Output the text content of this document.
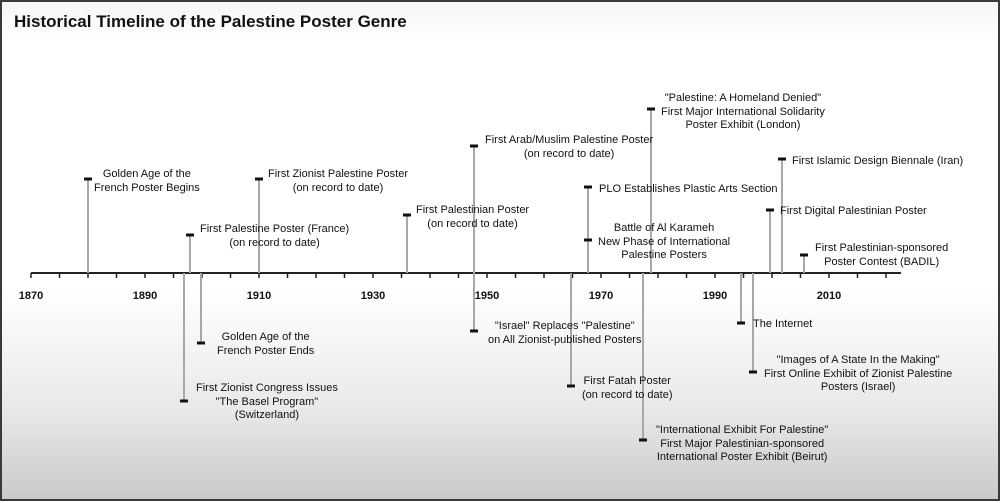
Historical Timeline of the Palestine Poster Genre
1870	1890	1910	1930	1950	1970	1990	2010
Golden Age of the
French Poster Begins
First Palestine Poster (France)
(on record to date)
First Zionist Palestine Poster
(on record to date)
First Palestinian Poster
(on record to date)
First Arab/Muslim Palestine Poster
(on record to date)
PLO Establishes Plastic Arts Section
Battle of Al Karameh
New Phase of International
Palestine Posters
"Palestine: A Homeland Denied"
First Major International Solidarity
Poster Exhibit (London)
First Islamic Design Biennale (Iran)
First Digital Palestinian Poster
First Palestinian-sponsored
Poster Contest (BADIL)
Golden Age of the
French Poster Ends
First Zionist Congress Issues
"The Basel Program"
(Switzerland)
"Israel" Replaces "Palestine"
on All Zionist-published Posters
First Fatah Poster
(on record to date)
"International Exhibit For Palestine"
First Major Palestinian-sponsored
International Poster Exhibit (Beirut)
The Internet
"Images of A State In the Making"
First Online Exhibit of Zionist Palestine
Posters (Israel)
